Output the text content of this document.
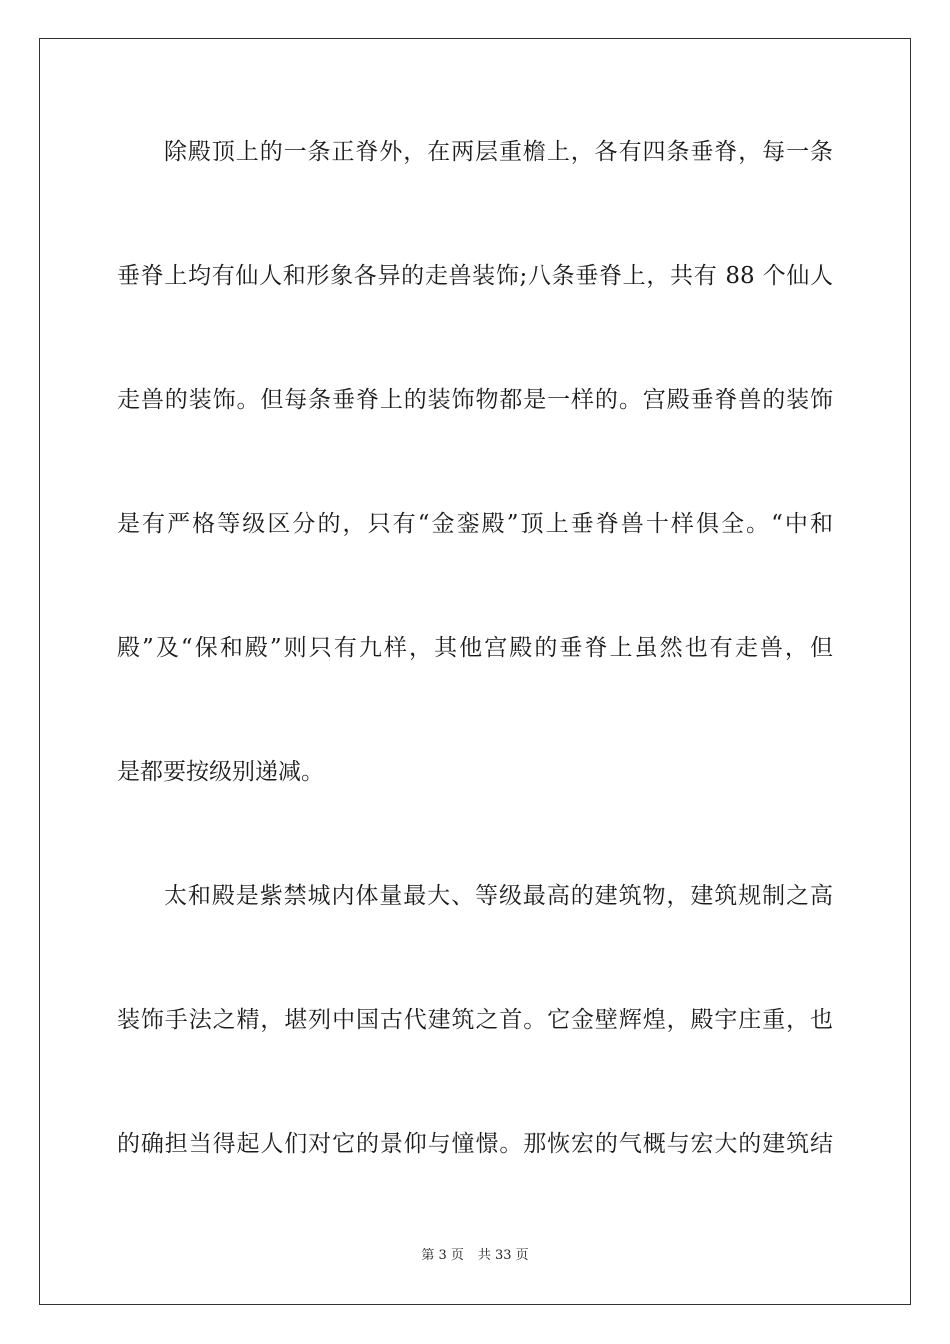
除殿顶上的一条正脊外，在两层重檐上，各有四条垂脊，每一条
垂脊上均有仙人和形象各异的走兽装饰;八条垂脊上，共有 88 个仙人
走兽的装饰。但每条垂脊上的装饰物都是一样的。宫殿垂脊兽的装饰
是有严格等级区分的，只有“金銮殿”顶上垂脊兽十样俱全。“中和
殿”及“保和殿”则只有九样，其他宫殿的垂脊上虽然也有走兽，但
是都要按级别递减。
太和殿是紫禁城内体量最大、等级最高的建筑物，建筑规制之高
装饰手法之精，堪列中国古代建筑之首。它金壁辉煌，殿宇庄重，也
的确担当得起人们对它的景仰与憧憬。那恢宏的气概与宏大的建筑结
第 3 页 共 33 页
